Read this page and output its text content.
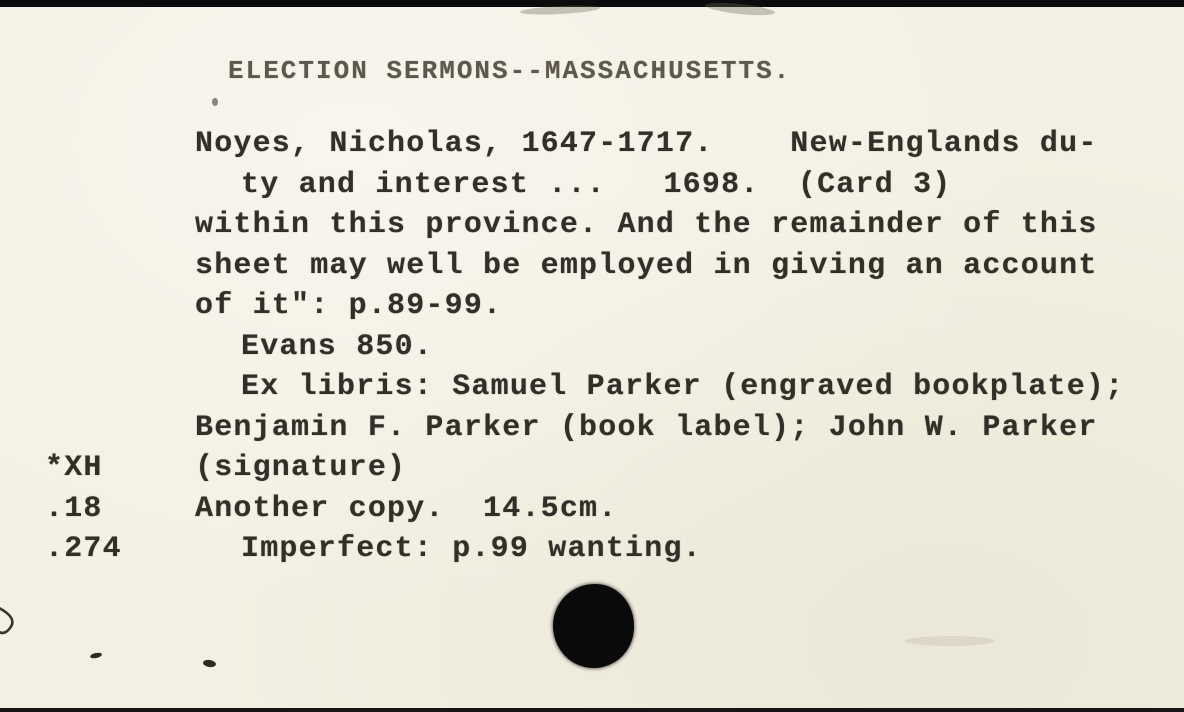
ELECTION SERMONS--MASSACHUSETTS.
Noyes, Nicholas, 1647-1717.    New-Englands du-
ty and interest ...   1698.  (Card 3)
within this province. And the remainder of this
sheet may well be employed in giving an account
of it": p.89-99.
Evans 850.
Ex libris: Samuel Parker (engraved bookplate);
Benjamin F. Parker (book label); John W. Parker
*XH	(signature)
.18	Another copy.  14.5cm.
.274	Imperfect: p.99 wanting.
